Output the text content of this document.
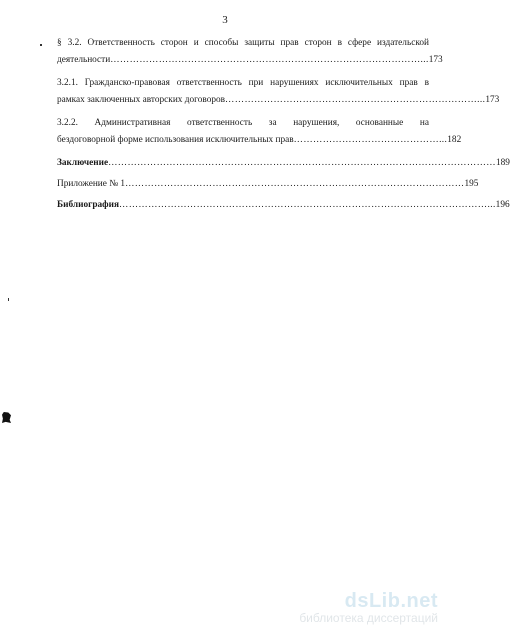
3
§ 3.2. Ответственность сторон и способы защиты прав сторон в сфере издательской
деятельности ……………………………………………………………………………………... 173
3.2.1. Гражданско-правовая ответственность при нарушениях исключительных прав в
рамках заключенных авторских договоров ……………………………………………………………………... 173
3.2.2. Административная ответственность за нарушения, основанные на
бездоговорной форме использования исключительных прав ………………………………………... 182
Заключение ………………………………………………………………………………………………………… 189
Приложение № 1 …………………………………………………………………………………………… 195
Библиография ……………………………………………………………………………………………………... 196
dsLib.net
библиотека диссертаций
